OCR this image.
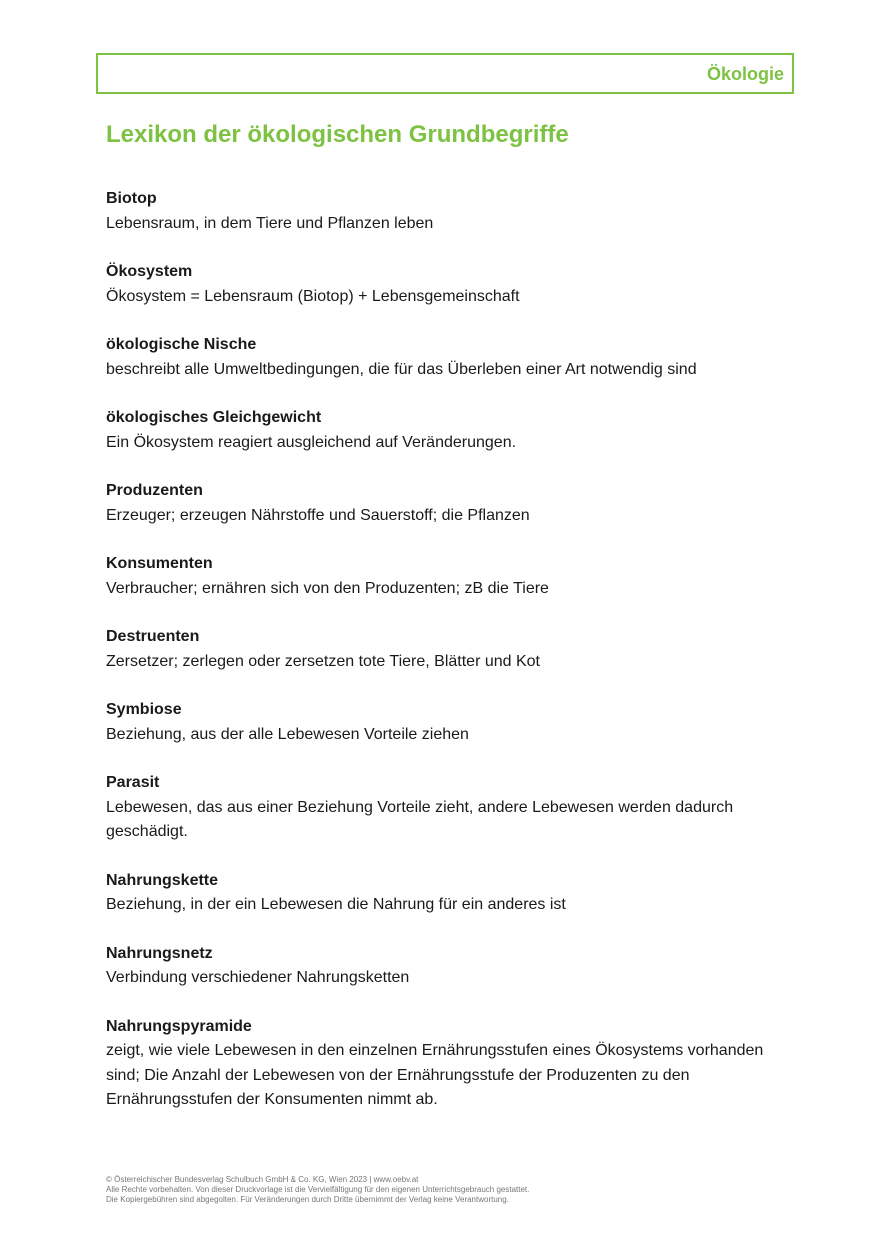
Ökologie
Lexikon der ökologischen Grundbegriffe
Biotop
Lebensraum, in dem Tiere und Pflanzen leben
Ökosystem
Ökosystem = Lebensraum (Biotop) + Lebensgemeinschaft
ökologische Nische
beschreibt alle Umweltbedingungen, die für das Überleben einer Art notwendig sind
ökologisches Gleichgewicht
Ein Ökosystem reagiert ausgleichend auf Veränderungen.
Produzenten
Erzeuger; erzeugen Nährstoffe und Sauerstoff; die Pflanzen
Konsumenten
Verbraucher; ernähren sich von den Produzenten; zB die Tiere
Destruenten
Zersetzer; zerlegen oder zersetzen tote Tiere, Blätter und Kot
Symbiose
Beziehung, aus der alle Lebewesen Vorteile ziehen
Parasit
Lebewesen, das aus einer Beziehung Vorteile zieht, andere Lebewesen werden dadurch geschädigt.
Nahrungskette
Beziehung, in der ein Lebewesen die Nahrung für ein anderes ist
Nahrungsnetz
Verbindung verschiedener Nahrungsketten
Nahrungspyramide
zeigt, wie viele Lebewesen in den einzelnen Ernährungsstufen eines Ökosystems vorhanden sind; Die Anzahl der Lebewesen von der Ernährungsstufe der Produzenten zu den Ernährungsstufen der Konsumenten nimmt ab.
© Österreichischer Bundesverlag Schulbuch GmbH & Co. KG, Wien 2023 | www.oebv.at
Alle Rechte vorbehalten. Von dieser Druckvorlage ist die Vervielfältigung für den eigenen Unterrichtsgebrauch gestattet.
Die Kopiergebühren sind abgegolten. Für Veränderungen durch Dritte übernimmt der Verlag keine Verantwortung.
